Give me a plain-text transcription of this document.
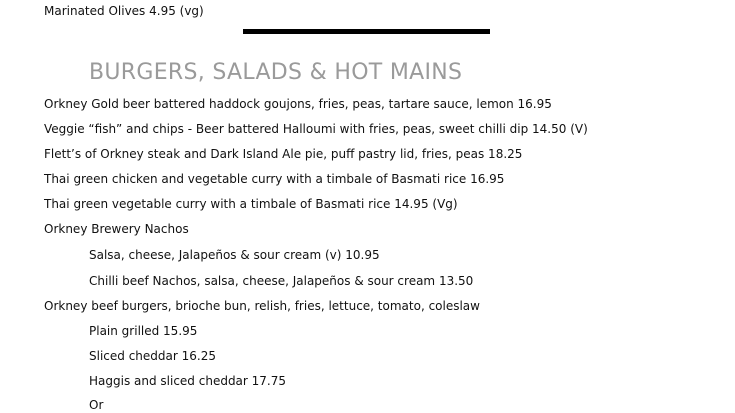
Marinated Olives 4.95 (vg)
BURGERS, SALADS & HOT MAINS
Orkney Gold beer battered haddock goujons, fries, peas, tartare sauce, lemon 16.95
Veggie “fish” and chips - Beer battered Halloumi with fries, peas, sweet chilli dip 14.50 (V)
Flett’s of Orkney steak and Dark Island Ale pie, puff pastry lid, fries, peas 18.25
Thai green chicken and vegetable curry with a timbale of Basmati rice 16.95
Thai green vegetable curry with a timbale of Basmati rice 14.95 (Vg)
Orkney Brewery Nachos
Salsa, cheese, Jalapeños & sour cream (v) 10.95
Chilli beef Nachos, salsa, cheese, Jalapeños & sour cream 13.50
Orkney beef burgers, brioche bun, relish, fries, lettuce, tomato, coleslaw
Plain grilled 15.95
Sliced cheddar 16.25
Haggis and sliced cheddar 17.75
Or
